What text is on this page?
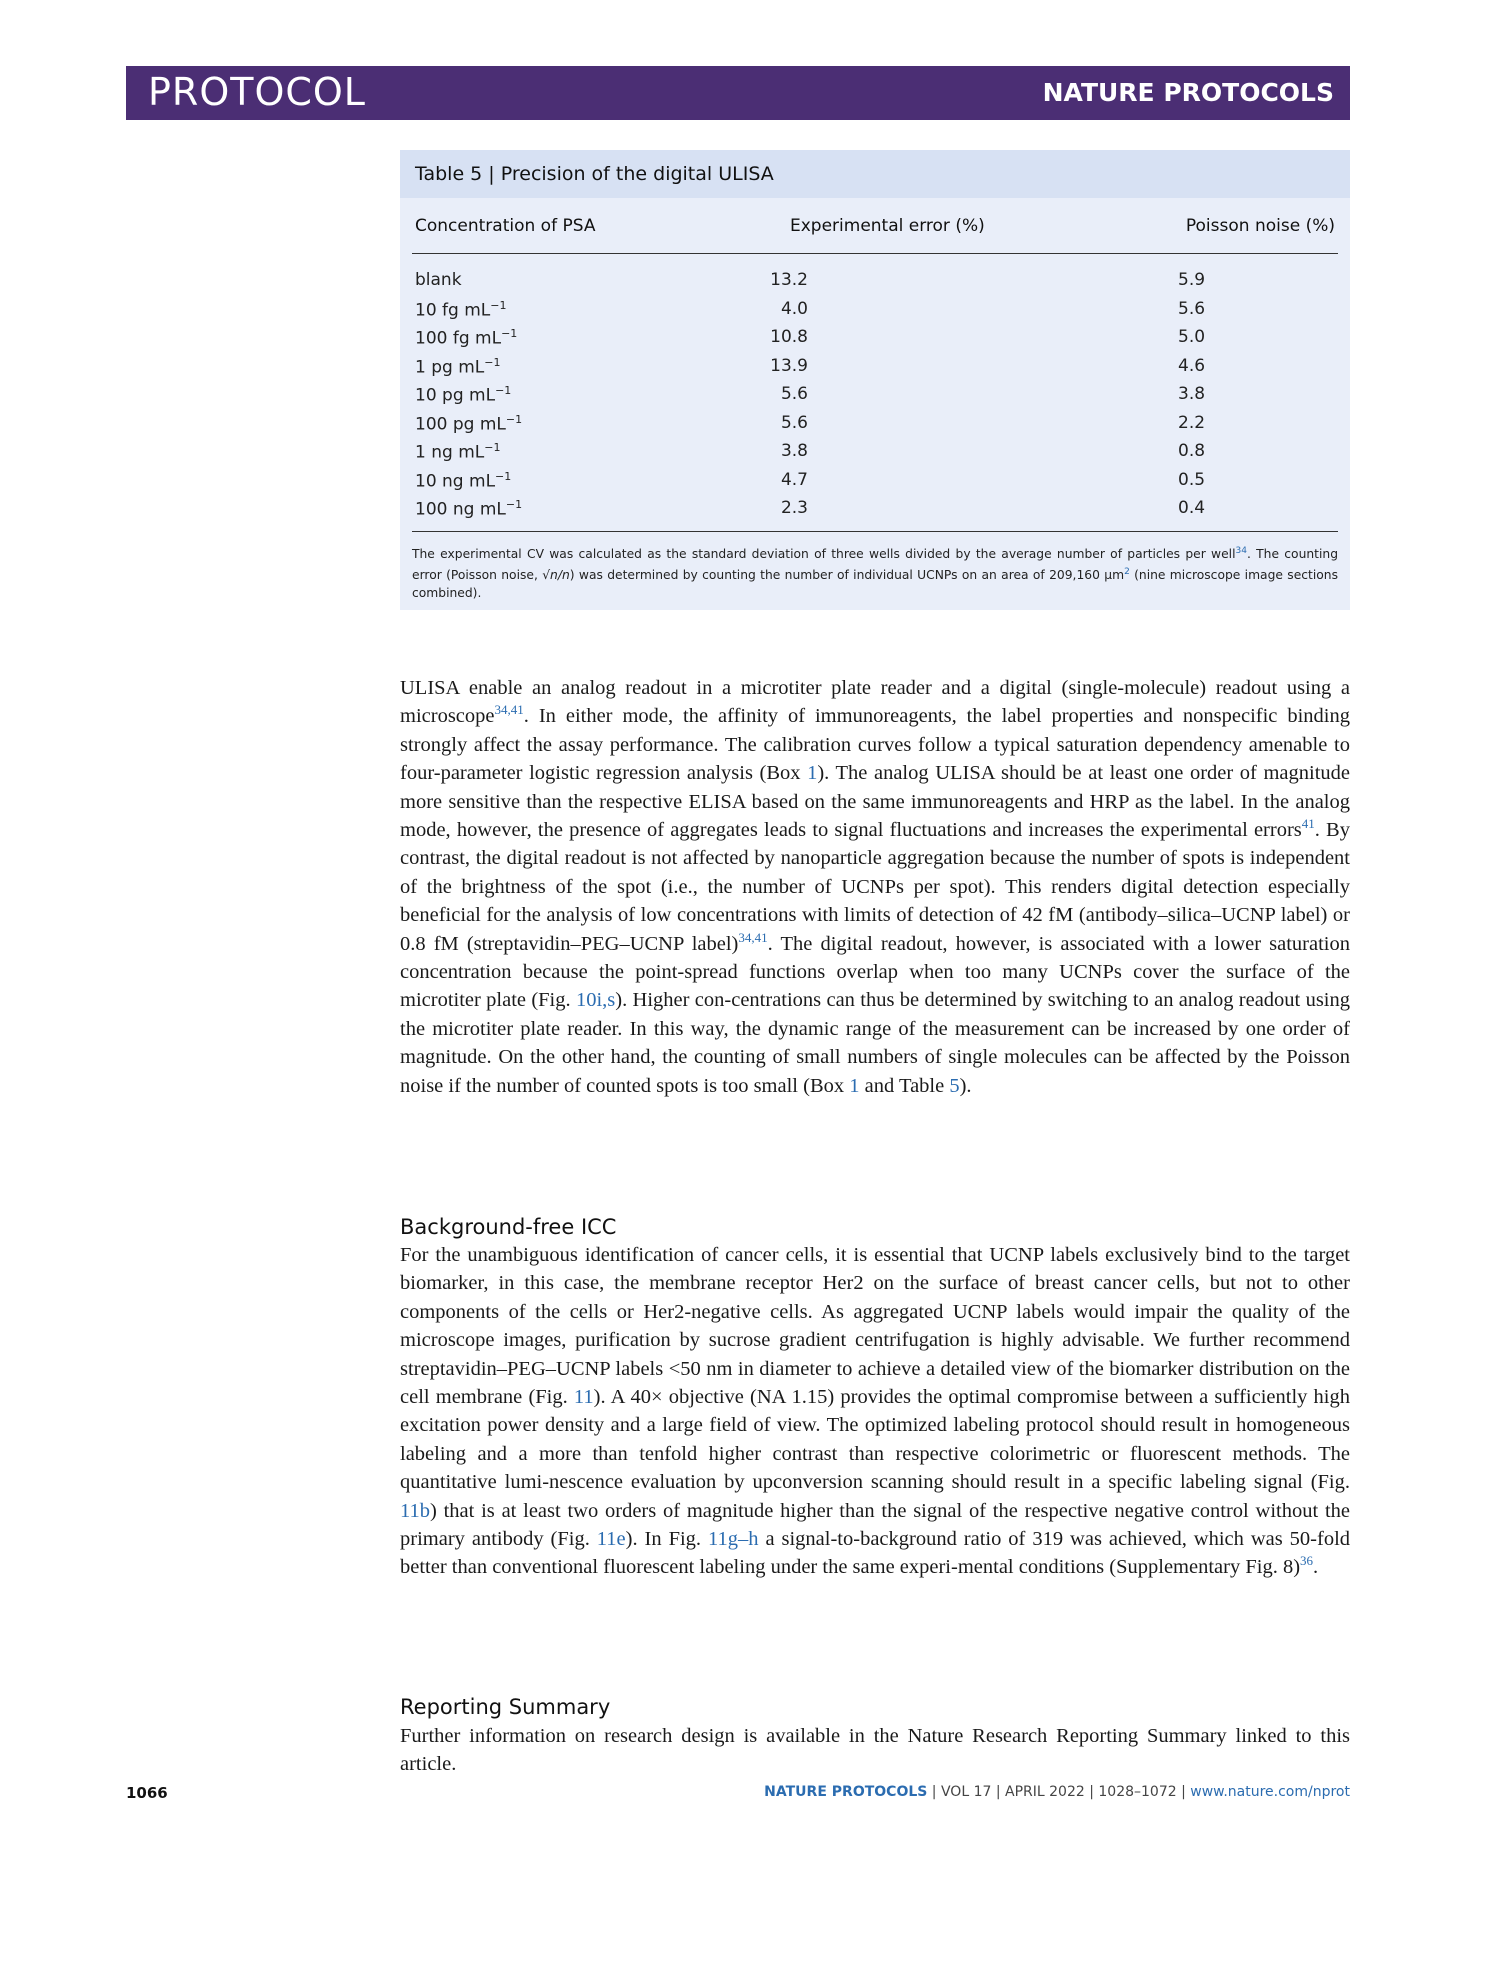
PROTOCOL	NATURE PROTOCOLS
Table 5 | Precision of the digital ULISA
Concentration of PSA	Experimental error (%)	Poisson noise (%)
blank	13.2	5.9
10 fg $mL^{-1}$	4.0	5.6
100 fg $mL^{-1}$	10.8	5.0
1 pg $mL^{-1}$	13.9	4.6
10 pg $mL^{-1}$	5.6	3.8
100 pg $mL^{-1}$	5.6	2.2
1 ng $mL^{-1}$	3.8	0.8
10 ng $mL^{-1}$	4.7	0.5
100 ng $mL^{-1}$	2.3	0.4
The experimental CV was calculated as the standard deviation of three wells divided by the average number of particles per well$^{34}$. The counting error (Poisson noise, √n/n) was determined by counting the number of individual UCNPs on an area of 209,160 µm$^2$ (nine microscope image sections combined).

ULISA enable an analog readout in a microtiter plate reader and a digital (single-molecule) readout using a microscope$^{34,41}$. In either mode, the affinity of immunoreagents, the label properties and nonspecific binding strongly affect the assay performance. The calibration curves follow a typical saturation dependency amenable to four-parameter logistic regression analysis (Box 1). The analog ULISA should be at least one order of magnitude more sensitive than the respective ELISA based on the same immunoreagents and HRP as the label. In the analog mode, however, the presence of aggregates leads to signal fluctuations and increases the experimental errors$^{41}$. By contrast, the digital readout is not affected by nanoparticle aggregation because the number of spots is independent of the brightness of the spot (i.e., the number of UCNPs per spot). This renders digital detection especially beneficial for the analysis of low concentrations with limits of detection of 42 fM (antibody–silica–UCNP label) or 0.8 fM (streptavidin–PEG–UCNP label)$^{34,41}$. The digital readout, however, is associated with a lower saturation concentration because the point-spread functions overlap when too many UCNPs cover the surface of the microtiter plate (Fig. 10i,s). Higher con-centrations can thus be determined by switching to an analog readout using the microtiter plate reader. In this way, the dynamic range of the measurement can be increased by one order of magnitude. On the other hand, the counting of small numbers of single molecules can be affected by the Poisson noise if the number of counted spots is too small (Box 1 and Table 5).

Background-free ICC

For the unambiguous identification of cancer cells, it is essential that UCNP labels exclusively bind to the target biomarker, in this case, the membrane receptor Her2 on the surface of breast cancer cells, but not to other components of the cells or Her2-negative cells. As aggregated UCNP labels would impair the quality of the microscope images, purification by sucrose gradient centrifugation is highly advisable. We further recommend streptavidin–PEG–UCNP labels <50 nm in diameter to achieve a detailed view of the biomarker distribution on the cell membrane (Fig. 11). A 40× objective (NA 1.15) provides the optimal compromise between a sufficiently high excitation power density and a large field of view. The optimized labeling protocol should result in homogeneous labeling and a more than tenfold higher contrast than respective colorimetric or fluorescent methods. The quantitative lumi-nescence evaluation by upconversion scanning should result in a specific labeling signal (Fig. 11b) that is at least two orders of magnitude higher than the signal of the respective negative control without the primary antibody (Fig. 11e). In Fig. 11g–h a signal-to-background ratio of 319 was achieved, which was 50-fold better than conventional fluorescent labeling under the same experi-mental conditions (Supplementary Fig. 8)$^{36}$.

Reporting Summary

Further information on research design is available in the Nature Research Reporting Summary linked to this article.

1066	NATURE PROTOCOLS | VOL 17 | APRIL 2022 | 1028–1072 | www.nature.com/nprot
